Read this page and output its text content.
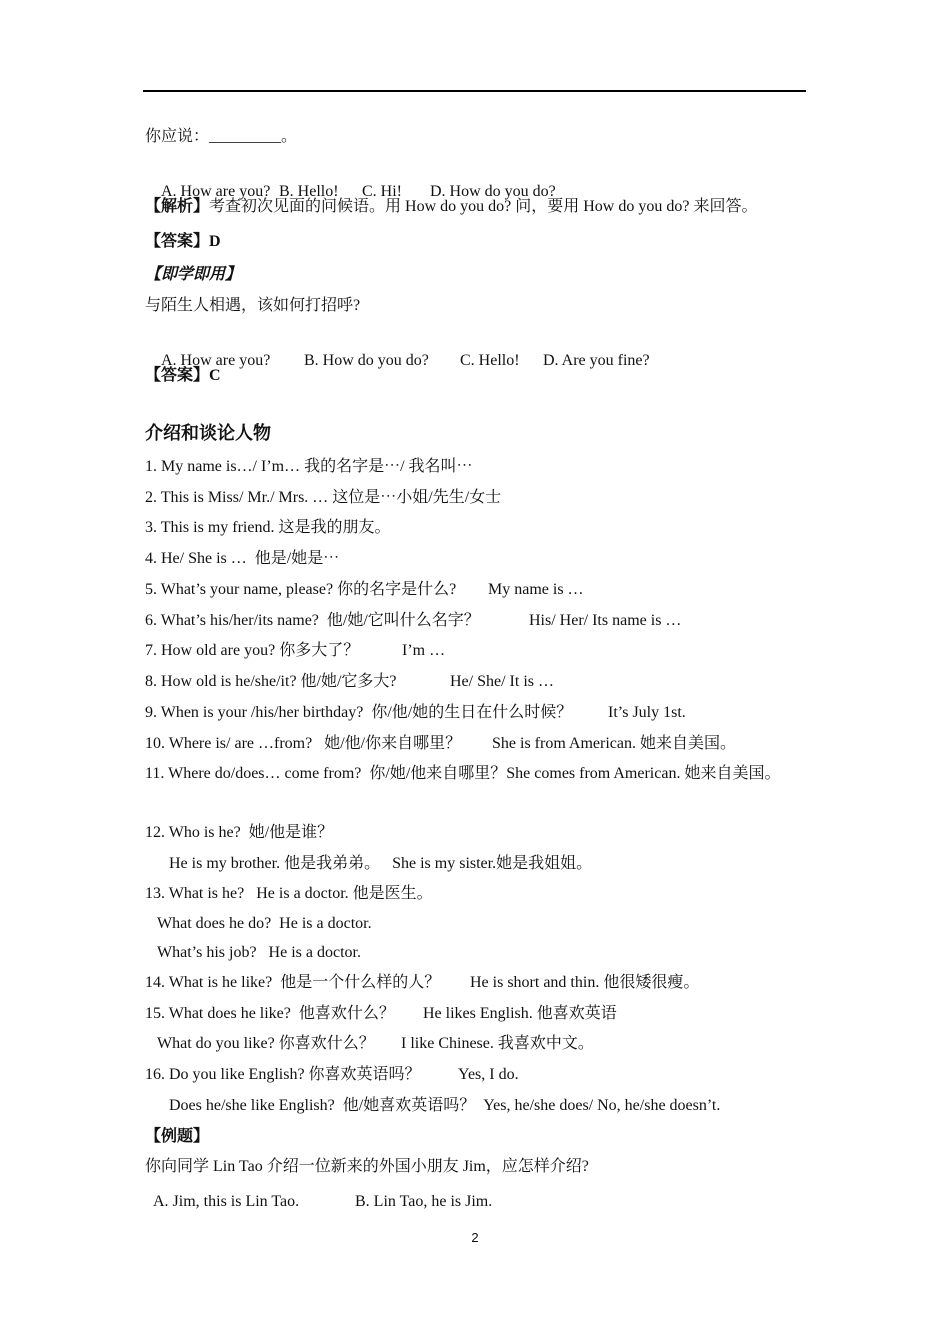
你应说：_________。

A. How are you? B. Hello! C. Hi! D. How do you do?

【解析】考查初次见面的问候语。用 How do you do? 问，要用 How do you do? 来回答。
【答案】D
【即学即用】
与陌生人相遇，该如何打招呼?

A. How are you? B. How do you do? C. Hello! D. Are you fine?

【答案】C
介绍和谈论人物
1. My name is…/ I’m… 我的名字是⋯/ 我名叫⋯
2. This is Miss/ Mr./ Mrs. … 这位是⋯小姐/先生/女士
3. This is my friend. 这是我的朋友。
4. He/ She is …  他是/她是⋯
5. What’s your name, please? 你的名字是什么? My name is …
6. What’s his/her/its name?  他/她/它叫什么名字？	His/ Her/ Its name is …
7. How old are you? 你多大了？	I’m …
8. How old is he/she/it? 他/她/它多大?	He/ She/ It is …
9. When is your /his/her birthday?  你/他/她的生日在什么时候？ It’s July 1st.
10. Where is/ are …from?   她/他/你来自哪里？ She is from American. 她来自美国。
11. Where do/does… come from?  你/她/他来自哪里？She comes from American. 她来自美国。
12. Who is he?  她/他是谁？
He is my brother. 他是我弟弟。   She is my sister.她是我姐姐。
13. What is he?   He is a doctor. 他是医生。
What does he do?  He is a doctor.
What’s his job?   He is a doctor.
14. What is he like?  他是一个什么样的人？ He is short and thin. 他很矮很瘦。
15. What does he like?  他喜欢什么？ He likes English. 他喜欢英语
What do you like? 你喜欢什么？ I like Chinese. 我喜欢中文。
16. Do you like English? 你喜欢英语吗？ Yes, I do.
Does he/she like English?  他/她喜欢英语吗？  Yes, he/she does/ No, he/she doesn’t.
【例题】
你向同学 Lin Tao 介绍一位新来的外国小朋友 Jim，应怎样介绍?
A. Jim, this is Lin Tao.	B. Lin Tao, he is Jim.
2
